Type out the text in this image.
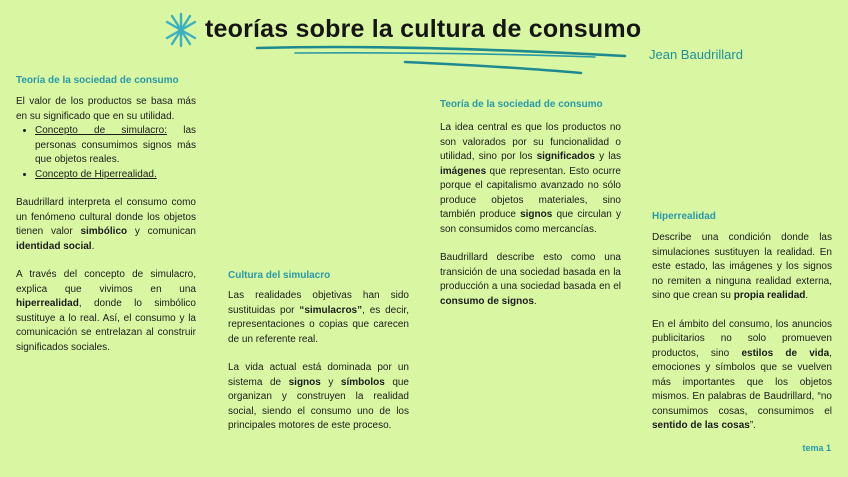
teorías sobre la cultura de consumo
Jean Baudrillard
Teoría de la sociedad de consumo
El valor de los productos se basa más en su significado que en su utilidad.
• Concepto de simulacro: las personas consumimos signos más que objetos reales.
• Concepto de Hiperrealidad.
Baudrillard interpreta el consumo como un fenómeno cultural donde los objetos tienen valor simbólico y comunican identidad social.
A través del concepto de simulacro, explica que vivimos en una hiperrealidad, donde lo simbólico sustituye a lo real. Así, el consumo y la comunicación se entrelazan al construir significados sociales.
Cultura del simulacro
Las realidades objetivas han sido sustituidas por “simulacros”, es decir, representaciones o copias que carecen de un referente real.
La vida actual está dominada por un sistema de signos y símbolos que organizan y construyen la realidad social, siendo el consumo uno de los principales motores de este proceso.
Teoría de la sociedad de consumo
La idea central es que los productos no son valorados por su funcionalidad o utilidad, sino por los significados y las imágenes que representan. Esto ocurre porque el capitalismo avanzado no sólo produce objetos materiales, sino también produce signos que circulan y son consumidos como mercancías.
Baudrillard describe esto como una transición de una sociedad basada en la producción a una sociedad basada en el consumo de signos.
Hiperrealidad
Describe una condición donde las simulaciones sustituyen la realidad. En este estado, las imágenes y los signos no remiten a ninguna realidad externa, sino que crean su propia realidad.
En el ámbito del consumo, los anuncios publicitarios no solo promueven productos, sino estilos de vida, emociones y símbolos que se vuelven más importantes que los objetos mismos. En palabras de Baudrillard, “no consumimos cosas, consumimos el sentido de las cosas”.
tema 1
